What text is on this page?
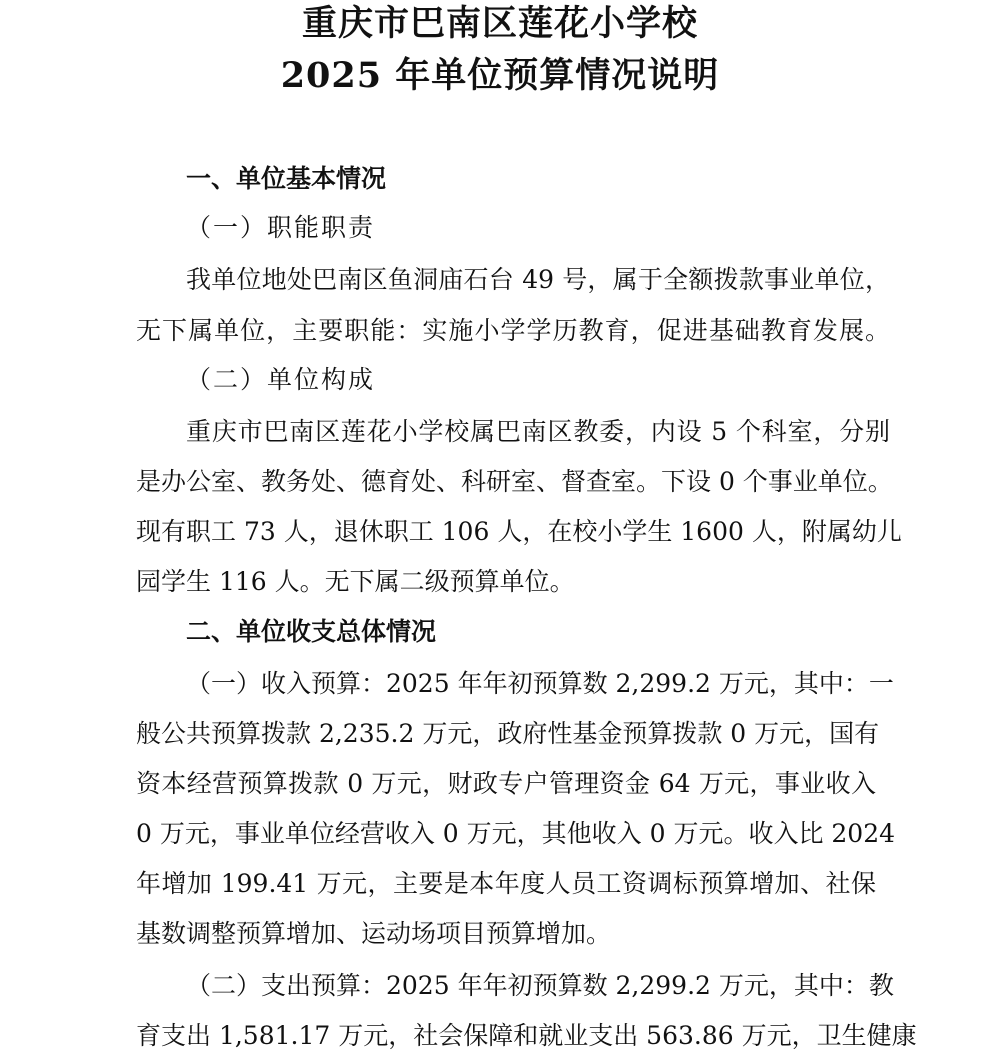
重庆市巴南区莲花小学校
2025 年单位预算情况说明
一、单位基本情况
（一）职能职责
我单位地处巴南区鱼洞庙石台 49 号，属于全额拨款事业单位，
无下属单位，主要职能：实施小学学历教育，促进基础教育发展。
（二）单位构成
重庆市巴南区莲花小学校属巴南区教委，内设 5 个科室，分别
是办公室、教务处、德育处、科研室、督查室。下设 0 个事业单位。
现有职工 73 人，退休职工 106 人，在校小学生 1600 人，附属幼儿
园学生 116 人。无下属二级预算单位。
二、单位收支总体情况
（一）收入预算：2025 年年初预算数 2,299.2 万元，其中：一
般公共预算拨款 2,235.2 万元，政府性基金预算拨款 0 万元，国有
资本经营预算拨款 0 万元，财政专户管理资金 64 万元，事业收入
0 万元，事业单位经营收入 0 万元，其他收入 0 万元。收入比 2024
年增加 199.41 万元，主要是本年度人员工资调标预算增加、社保
基数调整预算增加、运动场项目预算增加。
（二）支出预算：2025 年年初预算数 2,299.2 万元，其中：教
育支出 1,581.17 万元，社会保障和就业支出 563.86 万元，卫生健康
